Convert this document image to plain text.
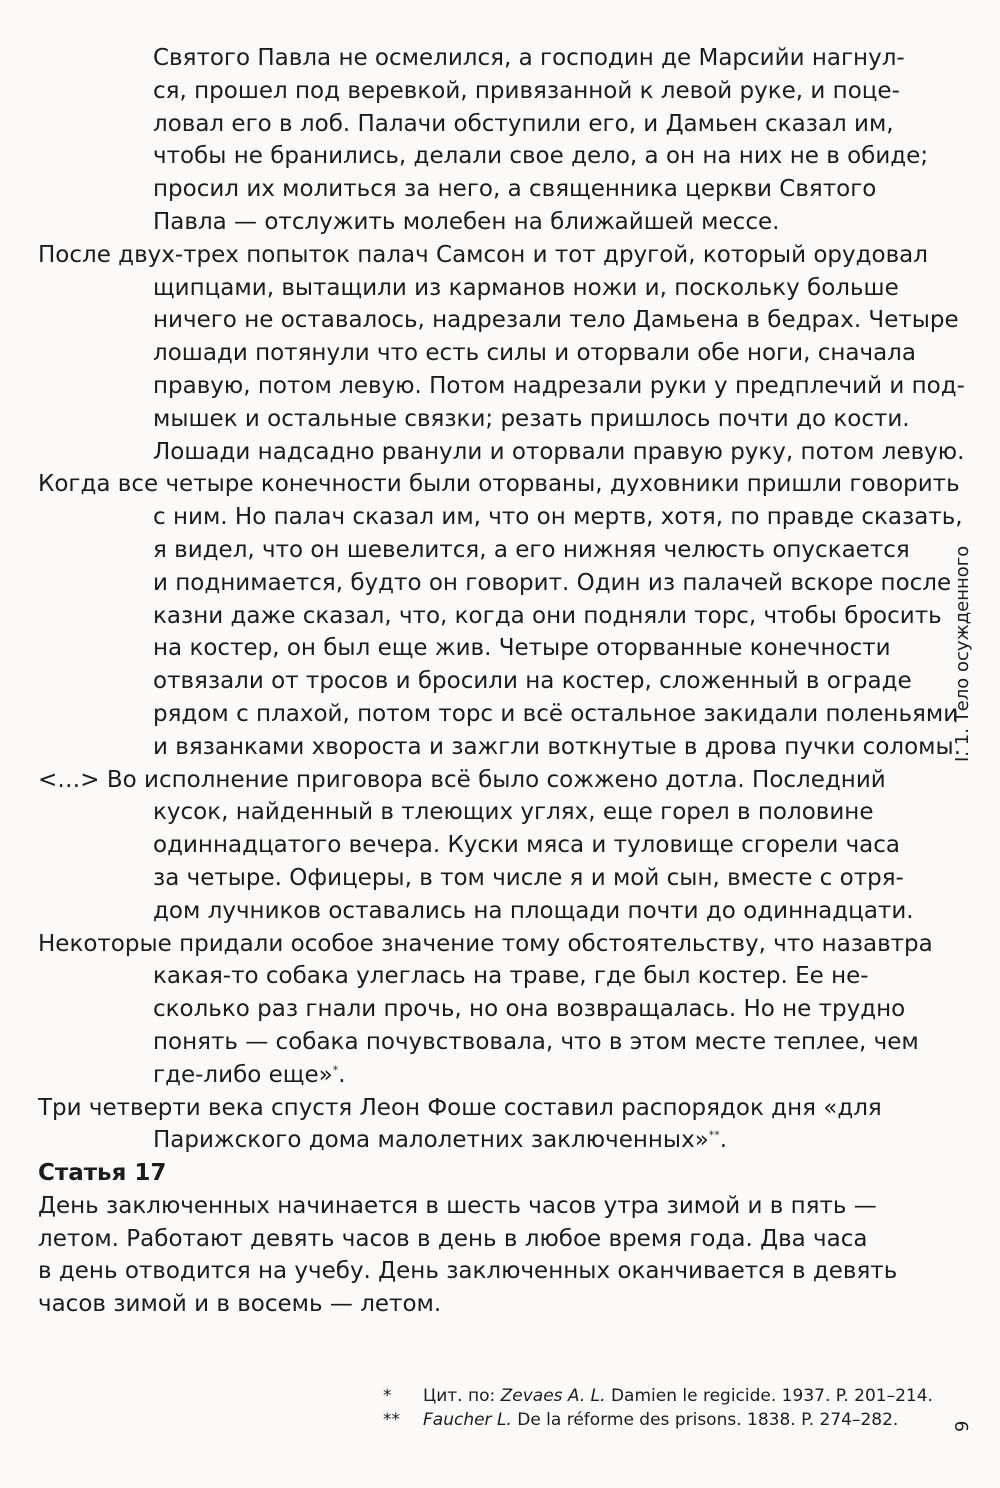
Святого Павла не осмелился, а господин де Марсийи нагнул-
ся, прошел под веревкой, привязанной к левой руке, и поце-
ловал его в лоб. Палачи обступили его, и Дамьен сказал им,
чтобы не бранились, делали свое дело, а он на них не в обиде;
просил их молиться за него, а священника церкви Святого
Павла — отслужить молебен на ближайшей мессе.
После двух-трех попыток палач Самсон и тот другой, который орудовал
щипцами, вытащили из карманов ножи и, поскольку больше
ничего не оставалось, надрезали тело Дамьена в бедрах. Четыре
лошади потянули что есть силы и оторвали обе ноги, сначала
правую, потом левую. Потом надрезали руки у предплечий и под-
мышек и остальные связки; резать пришлось почти до кости.
Лошади надсадно рванули и оторвали правую руку, потом левую.
Когда все четыре конечности были оторваны, духовники пришли говорить
с ним. Но палач сказал им, что он мертв, хотя, по правде сказать,
я видел, что он шевелится, а его нижняя челюсть опускается
и поднимается, будто он говорит. Один из палачей вскоре после
казни даже сказал, что, когда они подняли торс, чтобы бросить
на костер, он был еще жив. Четыре оторванные конечности
отвязали от тросов и бросили на костер, сложенный в ограде
рядом с плахой, потом торс и всё остальное закидали поленьями
и вязанками хвороста и зажгли воткнутые в дрова пучки соломы.
<…> Во исполнение приговора всё было сожжено дотла. Последний
кусок, найденный в тлеющих углях, еще горел в половине
одиннадцатого вечера. Куски мяса и туловище сгорели часа
за четыре. Офицеры, в том числе я и мой сын, вместе с отря-
дом лучников оставались на площади почти до одиннадцати.
Некоторые придали особое значение тому обстоятельству, что назавтра
какая-то собака улеглась на траве, где был костер. Ее не-
сколько раз гнали прочь, но она возвращалась. Но не трудно
понять — собака почувствовала, что в этом месте теплее, чем
где-либо еще»*.
Три четверти века спустя Леон Фоше составил распорядок дня «для
Парижского дома малолетних заключенных»**.
Статья 17
День заключенных начинается в шесть часов утра зимой и в пять —
летом. Работают девять часов в день в любое время года. Два часа
в день отводится на учебу. День заключенных оканчивается в девять
часов зимой и в восемь — летом.
* Цит. по: Zevaes A. L. Damien le regicide. 1937. P. 201–214.
** Faucher L. De la réforme des prisons. 1838. P. 274–282.
I. 1. Тело осужденного
9
